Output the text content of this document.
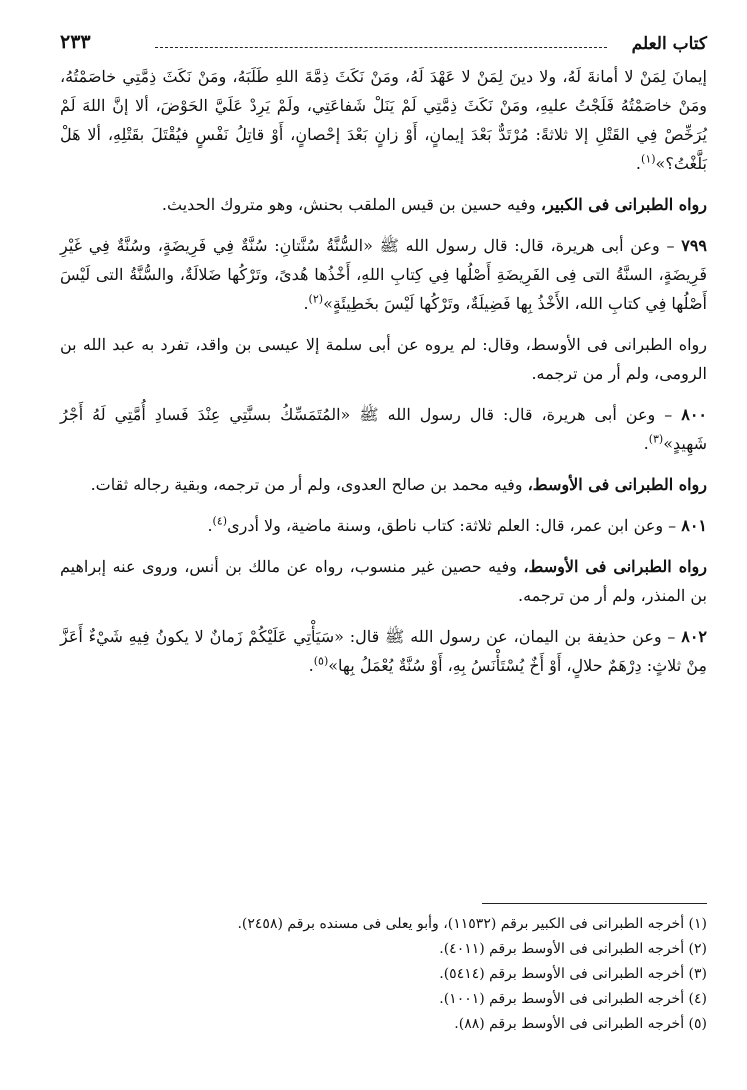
كتاب العلم
٢٣٣

إيمانَ لِمَنْ لا أمانةَ لَهُ، ولا دينَ لِمَنْ لا عَهْدَ لَهُ، ومَنْ نَكَثَ ذِمَّةَ اللهِ طَلَبَهُ، ومَنْ نَكَثَ ذِمَّتِي خاصَمْتُهُ، ومَنْ خاصَمْتُهُ فَلَجْتُ عليهِ، ومَنْ نَكَثَ ذِمَّتِي لَمْ يَنَلْ شَفاعَتِي، ولَمْ يَرِدْ عَلَيَّ الحَوْضَ، ألا إنَّ اللهَ لَمْ يُرَخِّصْ فِي القَتْلِ إلا ثلاثةً: مُرْتَدٌّ بَعْدَ إيمانٍ، أَوْ زانٍ بَعْدَ إحْصانٍ، أَوْ قاتِلُ نَفْسٍ فيُقْتَلَ بقَتْلِهِ، ألا هَلْ بَلَّغْتُ؟»$^{(١)}$.

رواه الطبرانى فى الكبير، وفيه حسين بن قيس الملقب بحنش، وهو متروك الحديث.

٧٩٩ – وعن أبى هريرة، قال: قال رسول الله ﷺ «السُّنَّةُ سُنَّتانِ: سُنَّةٌ فِي فَرِيضَةٍ، وسُنَّةٌ فِي غَيْرِ فَرِيضَةٍ، السنَّةُ التى فِى الفَرِيضَةِ أَصْلُها فِي كِتابِ اللهِ، أَخْذُها هُدىً، وتَرْكُها ضَلالَةٌ، والسُّنَّةُ التى لَيْسَ أَصْلُها فِي كتابِ الله، الأَخْذُ بِها فَضِيلَةٌ، وتَرْكُها لَيْسَ بخَطِيئَةٍ»$^{(٢)}$.

رواه الطبرانى فى الأوسط، وقال: لم يروه عن أبى سلمة إلا عيسى بن واقد، تفرد به عبد الله بن الرومى، ولم أر من ترجمه.

٨٠٠ – وعن أبى هريرة، قال: قال رسول الله ﷺ «المُتَمَسِّكُ بسنَّتِي عِنْدَ فَسادِ أُمَّتِي لَهُ أَجْرُ شَهِيدٍ»$^{(٣)}$.

رواه الطبرانى فى الأوسط، وفيه محمد بن صالح العدوى، ولم أر من ترجمه، وبقية رجاله ثقات.

٨٠١ – وعن ابن عمر، قال: العلم ثلاثة: كتاب ناطق، وسنة ماضية، ولا أدرى$^{(٤)}$.

رواه الطبرانى فى الأوسط، وفيه حصين غير منسوب، رواه عن مالك بن أنس، وروى عنه إبراهيم بن المنذر، ولم أر من ترجمه.

٨٠٢ – وعن حذيفة بن اليمان، عن رسول الله ﷺ قال: «سَيَأْتِي عَلَيْكُمْ زَمانٌ لا يكونُ فِيهِ شَيْءٌ أَعَزَّ مِنْ ثلاثٍ: دِرْهَمٌ حلالٍ، أَوْ أَخٌ يُسْتَأْنَسُ بِهِ، أَوْ سُنَّةٌ يُعْمَلُ بِها»$^{(٥)}$.

(١) أخرجه الطبرانى فى الكبير برقم (١١٥٣٢)، وأبو يعلى فى مسنده برقم (٢٤٥٨).

(٢) أخرجه الطبرانى فى الأوسط برقم (٤٠١١).

(٣) أخرجه الطبرانى فى الأوسط برقم (٥٤١٤).

(٤) أخرجه الطبرانى فى الأوسط برقم (١٠٠١).

(٥) أخرجه الطبرانى فى الأوسط برقم (٨٨).
